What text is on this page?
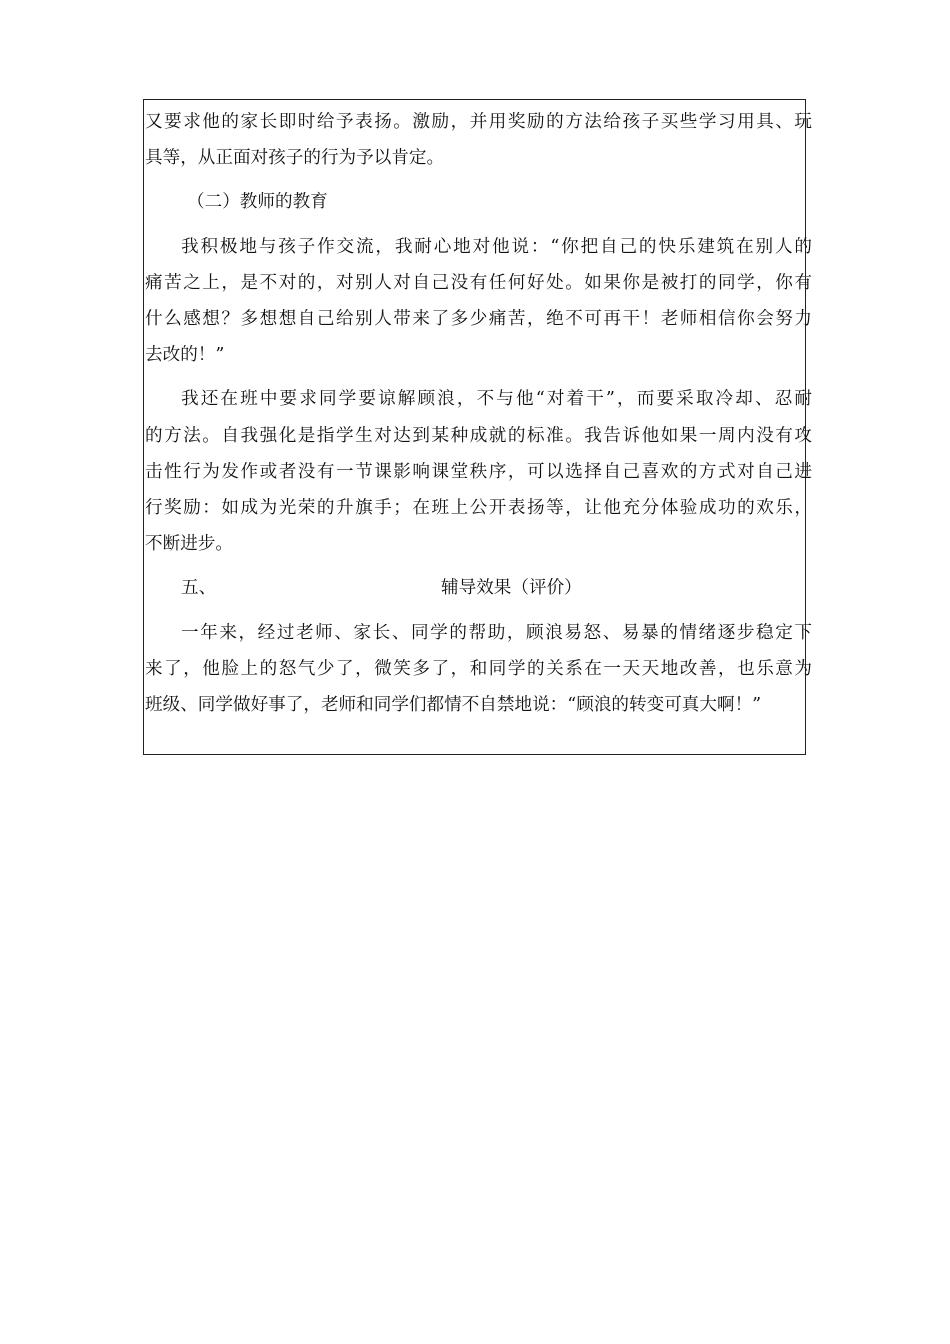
又要求他的家长即时给予表扬。激励，并用奖励的方法给孩子买些学习用具、玩
具等，从正面对孩子的行为予以肯定。
（二）教师的教育
我积极地与孩子作交流，我耐心地对他说：“你把自己的快乐建筑在别人的
痛苦之上，是不对的，对别人对自己没有任何好处。如果你是被打的同学，你有
什么感想？多想想自己给别人带来了多少痛苦，绝不可再干！老师相信你会努力
去改的！”
我还在班中要求同学要谅解顾浪，不与他“对着干”，而要采取冷却、忍耐
的方法。自我强化是指学生对达到某种成就的标准。我告诉他如果一周内没有攻
击性行为发作或者没有一节课影响课堂秩序，可以选择自己喜欢的方式对自己进
行奖励：如成为光荣的升旗手；在班上公开表扬等，让他充分体验成功的欢乐，
不断进步。
五、	辅导效果（评价）
一年来，经过老师、家长、同学的帮助，顾浪易怒、易暴的情绪逐步稳定下
来了，他脸上的怒气少了，微笑多了，和同学的关系在一天天地改善，也乐意为
班级、同学做好事了，老师和同学们都情不自禁地说：“顾浪的转变可真大啊！”
